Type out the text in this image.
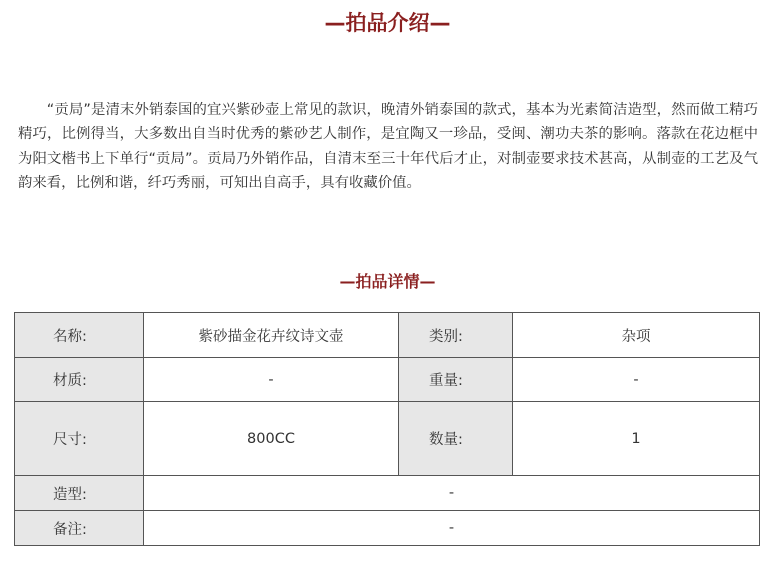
—拍品介绍—

“贡局”是清末外销泰国的宜兴紫砂壶上常见的款识，晚清外销泰国的款式，基本为光素简洁造型，然而做工精巧精巧，比例得当，大多数出自当时优秀的紫砂艺人制作，是宜陶又一珍品，受闽、潮功夫茶的影响。落款在花边框中为阳文楷书上下单行“贡局”。贡局乃外销作品，自清末至三十年代后才止，对制壶要求技术甚高，从制壶的工艺及气韵来看，比例和谐，纤巧秀丽，可知出自高手，具有收藏价值。

—拍品详情—
名称:	紫砂描金花卉纹诗文壶	类别:	杂项
材质:	-	重量:	-
尺寸:	800CC	数量:	1
造型:	-		
备注:	-		
